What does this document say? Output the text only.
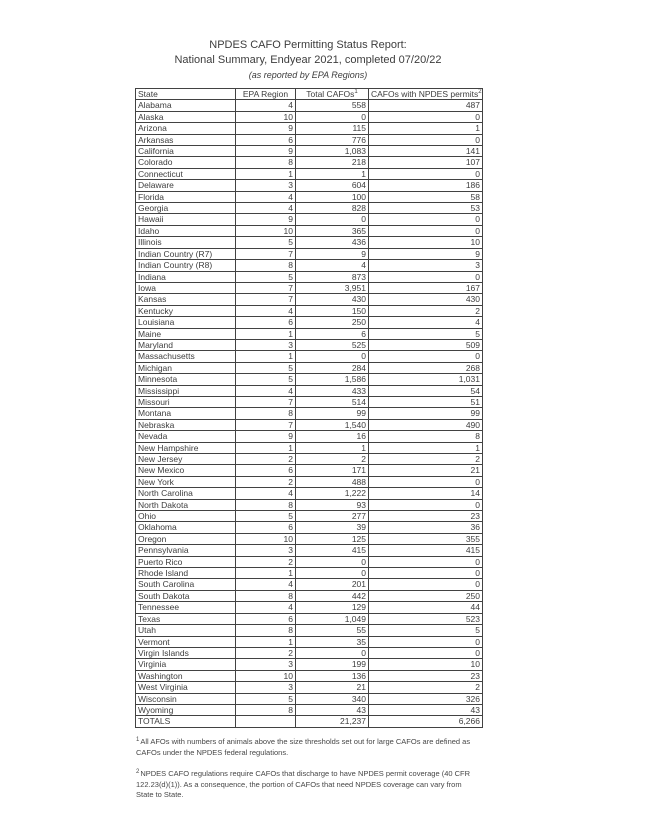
NPDES CAFO Permitting Status Report:
National Summary, Endyear 2021, completed 07/20/22
(as reported by EPA Regions)
State	EPA Region	Total CAFOs$^1$	CAFOs with NPDES permits$^2$
Alabama	4	558	487
Alaska	10	0	0
Arizona	9	115	1
Arkansas	6	776	0
California	9	1,083	141
Colorado	8	218	107
Connecticut	1	1	0
Delaware	3	604	186
Florida	4	100	58
Georgia	4	828	53
Hawaii	9	0	0
Idaho	10	365	0
Illinois	5	436	10
Indian Country (R7)	7	9	9
Indian Country (R8)	8	4	3
Indiana	5	873	0
Iowa	7	3,951	167
Kansas	7	430	430
Kentucky	4	150	2
Louisiana	6	250	4
Maine	1	6	5
Maryland	3	525	509
Massachusetts	1	0	0
Michigan	5	284	268
Minnesota	5	1,586	1,031
Mississippi	4	433	54
Missouri	7	514	51
Montana	8	99	99
Nebraska	7	1,540	490
Nevada	9	16	8
New Hampshire	1	1	1
New Jersey	2	2	2
New Mexico	6	171	21
New York	2	488	0
North Carolina	4	1,222	14
North Dakota	8	93	0
Ohio	5	277	23
Oklahoma	6	39	36
Oregon	10	125	355
Pennsylvania	3	415	415
Puerto Rico	2	0	0
Rhode Island	1	0	0
South Carolina	4	201	0
South Dakota	8	442	250
Tennessee	4	129	44
Texas	6	1,049	523
Utah	8	55	5
Vermont	1	35	0
Virgin Islands	2	0	0
Virginia	3	199	10
Washington	10	136	23
West Virginia	3	21	2
Wisconsin	5	340	326
Wyoming	8	43	43
TOTALS		21,237	6,266

$^1$All AFOs with numbers of animals above the size thresholds set out for large CAFOs are defined as CAFOs under the NPDES federal regulations.

$^2$NPDES CAFO regulations require CAFOs that discharge to have NPDES permit coverage (40 CFR 122.23(d)(1)). As a consequence, the portion of CAFOs that need NPDES coverage can vary from State to State.
